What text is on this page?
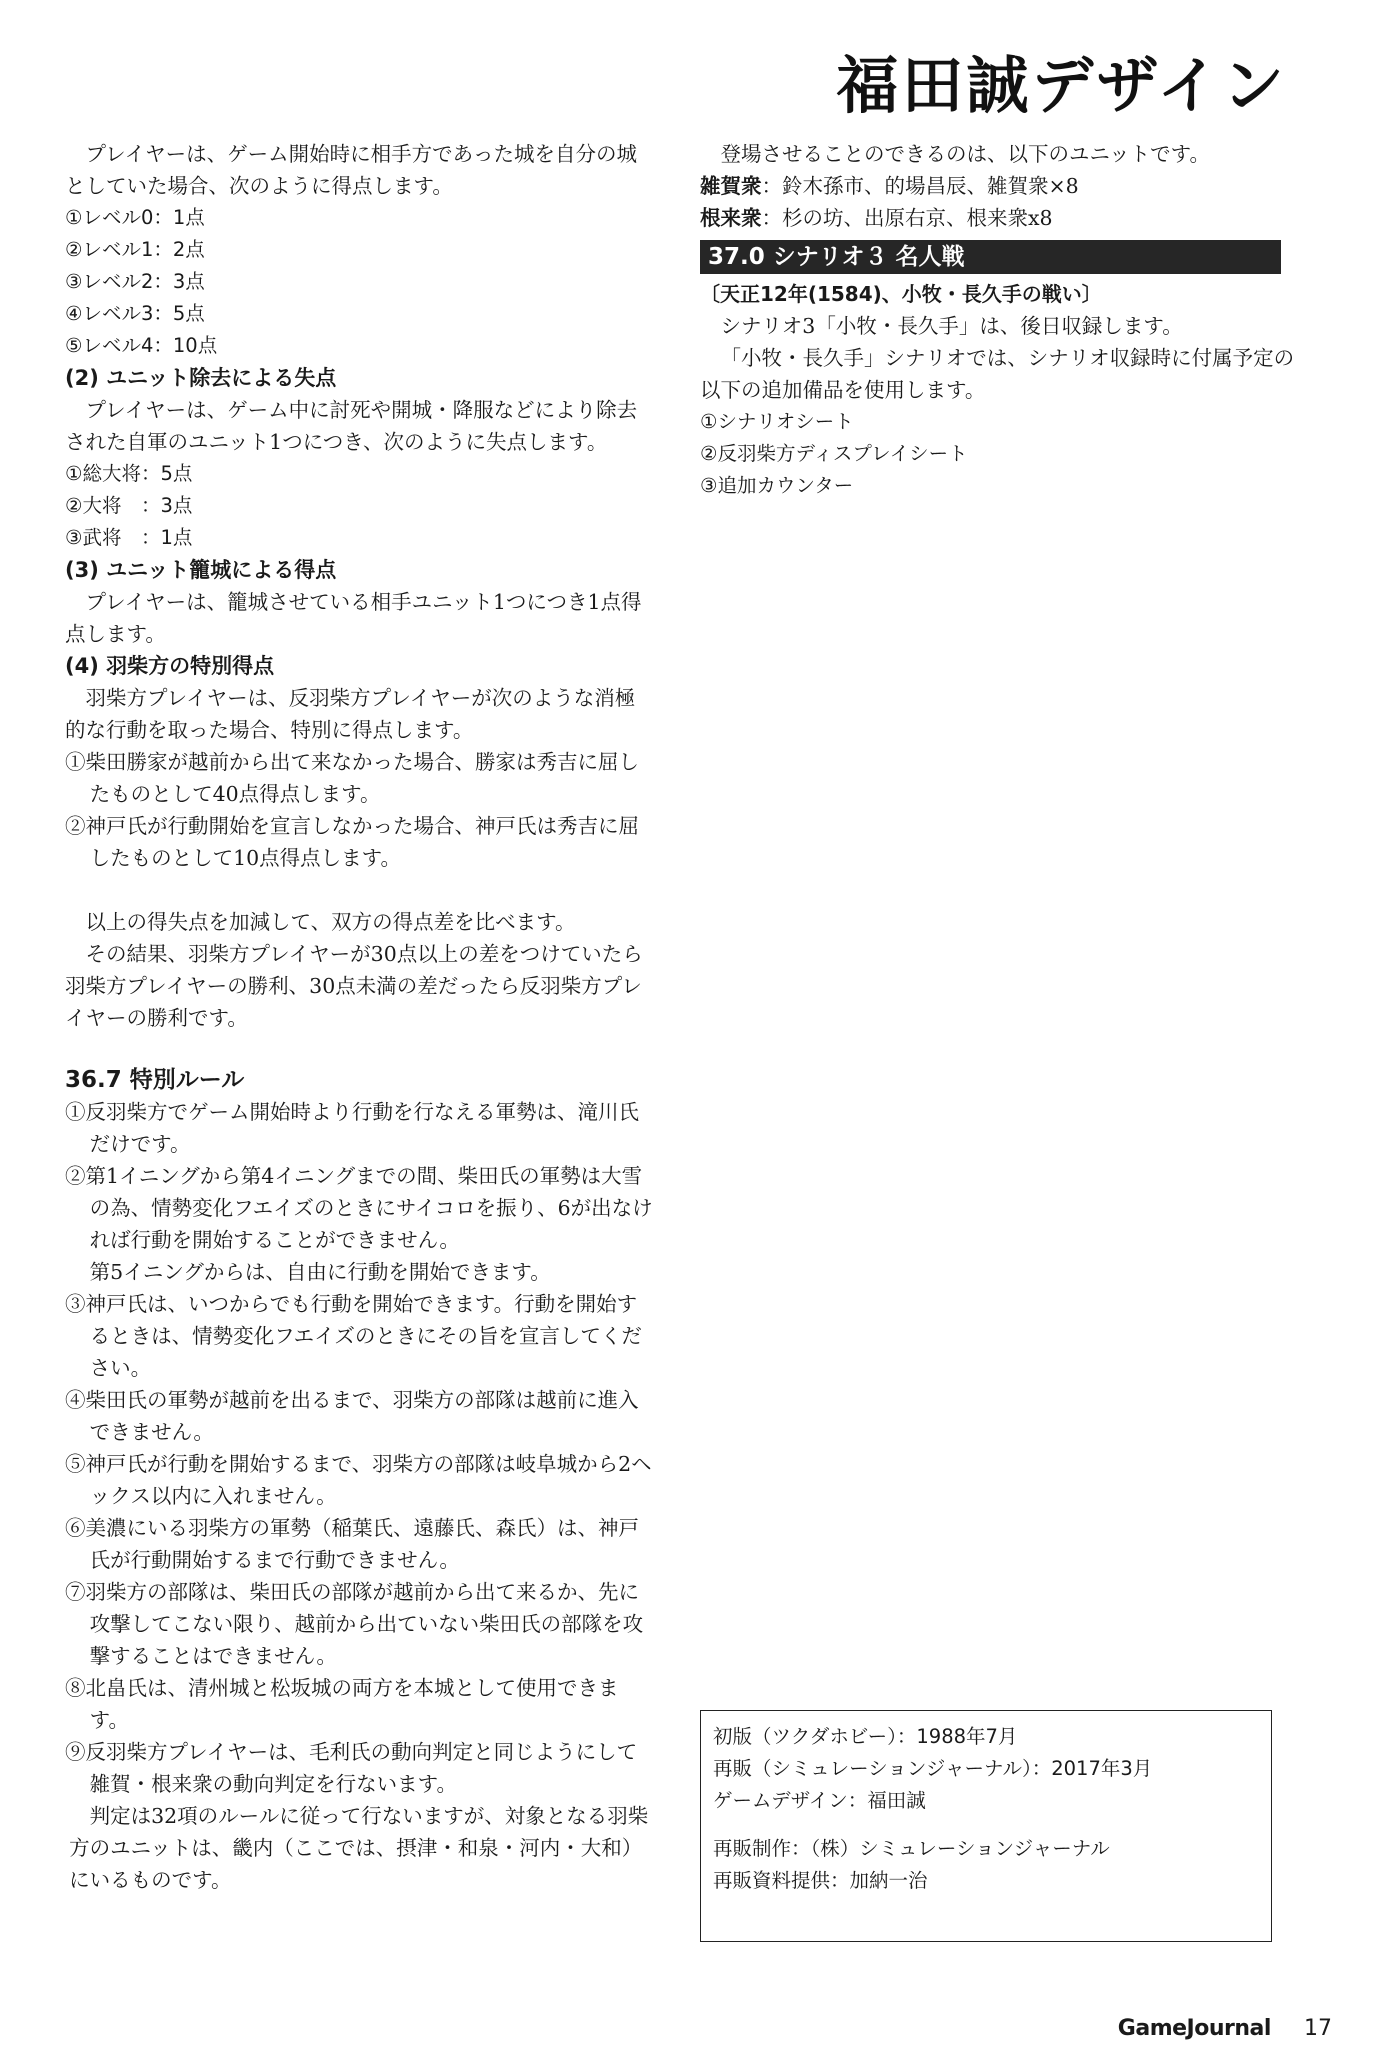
福田誠デザイン

プレイヤーは、ゲーム開始時に相手方であった城を自分の城としていた場合、次のように得点します。

①レベル0：1点

②レベル1：2点

③レベル2：3点

④レベル3：5点

⑤レベル4：10点

(2) ユニット除去による失点

プレイヤーは、ゲーム中に討死や開城・降服などにより除去された自軍のユニット1つにつき、次のように失点します。

①総大将：5点

②大将　：3点

③武将　：1点

(3) ユニット籠城による得点

プレイヤーは、籠城させている相手ユニット1つにつき1点得点します。

(4) 羽柴方の特別得点

羽柴方プレイヤーは、反羽柴方プレイヤーが次のような消極的な行動を取った場合、特別に得点します。

①柴田勝家が越前から出て来なかった場合、勝家は秀吉に屈したものとして40点得点します。

②神戸氏が行動開始を宣言しなかった場合、神戸氏は秀吉に屈したものとして10点得点します。

以上の得失点を加減して、双方の得点差を比べます。

その結果、羽柴方プレイヤーが30点以上の差をつけていたら羽柴方プレイヤーの勝利、30点未満の差だったら反羽柴方プレイヤーの勝利です。

36.7 特別ルール

①反羽柴方でゲーム開始時より行動を行なえる軍勢は、滝川氏だけです。

②第1イニングから第4イニングまでの間、柴田氏の軍勢は大雪の為、情勢変化フエイズのときにサイコロを振り、6が出なければ行動を開始することができません。

第5イニングからは、自由に行動を開始できます。

③神戸氏は、いつからでも行動を開始できます。行動を開始するときは、情勢変化フエイズのときにその旨を宣言してください。

④柴田氏の軍勢が越前を出るまで、羽柴方の部隊は越前に進入できません。

⑤神戸氏が行動を開始するまで、羽柴方の部隊は岐阜城から2ヘックス以内に入れません。

⑥美濃にいる羽柴方の軍勢（稲葉氏、遠藤氏、森氏）は、神戸氏が行動開始するまで行動できません。

⑦羽柴方の部隊は、柴田氏の部隊が越前から出て来るか、先に攻撃してこない限り、越前から出ていない柴田氏の部隊を攻撃することはできません。

⑧北畠氏は、清州城と松坂城の両方を本城として使用できます。

⑨反羽柴方プレイヤーは、毛利氏の動向判定と同じようにして雑賀・根来衆の動向判定を行ないます。

判定は32項のルールに従って行ないますが、対象となる羽柴方のユニットは、畿内（ここでは、摂津・和泉・河内・大和）にいるものです。

登場させることのできるのは、以下のユニットです。

雑賀衆：鈴木孫市、的場昌辰、雑賀衆×8

根来衆：杉の坊、出原右京、根来衆x8

37.0 シナリオ３ 名人戦

〔天正12年(1584)、小牧・長久手の戦い〕

シナリオ3「小牧・長久手」は、後日収録します。

「小牧・長久手」シナリオでは、シナリオ収録時に付属予定の以下の追加備品を使用します。

①シナリオシート

②反羽柴方ディスプレイシート

③追加カウンター

初版（ツクダホビー）：1988年7月

再販（シミュレーションジャーナル）：2017年3月

ゲームデザイン：福田誠

再販制作：（株）シミュレーションジャーナル

再販資料提供：加納一治

GameJournal 17
